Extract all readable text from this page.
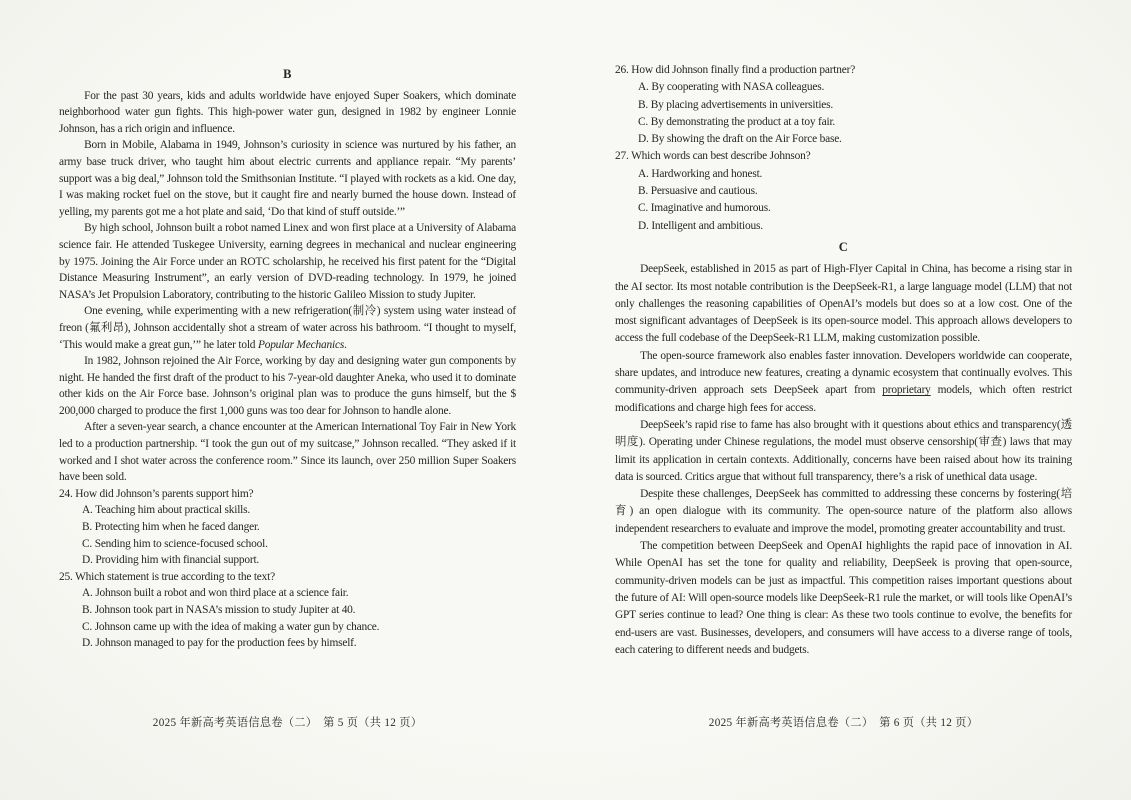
B

For the past 30 years, kids and adults worldwide have enjoyed Super Soakers, which dominate neighborhood water gun fights. This high-power water gun, designed in 1982 by engineer Lonnie Johnson, has a rich origin and influence.

Born in Mobile, Alabama in 1949, Johnson’s curiosity in science was nurtured by his father, an army base truck driver, who taught him about electric currents and appliance repair. “My parents’ support was a big deal,” Johnson told the Smithsonian Institute. “I played with rockets as a kid. One day, I was making rocket fuel on the stove, but it caught fire and nearly burned the house down. Instead of yelling, my parents got me a hot plate and said, ‘Do that kind of stuff outside.’”

By high school, Johnson built a robot named Linex and won first place at a University of Alabama science fair. He attended Tuskegee University, earning degrees in mechanical and nuclear engineering by 1975. Joining the Air Force under an ROTC scholarship, he received his first patent for the “Digital Distance Measuring Instrument”, an early version of DVD-reading technology. In 1979, he joined NASA’s Jet Propulsion Laboratory, contributing to the historic Galileo Mission to study Jupiter.

One evening, while experimenting with a new refrigeration(制冷) system using water instead of freon (氟利昂), Johnson accidentally shot a stream of water across his bathroom. “I thought to myself, ‘This would make a great gun,’” he later told Popular Mechanics.

In 1982, Johnson rejoined the Air Force, working by day and designing water gun components by night. He handed the first draft of the product to his 7-year-old daughter Aneka, who used it to dominate other kids on the Air Force base. Johnson’s original plan was to produce the guns himself, but the $ 200,000 charged to produce the first 1,000 guns was too dear for Johnson to handle alone.

After a seven-year search, a chance encounter at the American International Toy Fair in New York led to a production partnership. “I took the gun out of my suitcase,” Johnson recalled. “They asked if it worked and I shot water across the conference room.” Since its launch, over 250 million Super Soakers have been sold.

24. How did Johnson’s parents support him?
A. Teaching him about practical skills.
B. Protecting him when he faced danger.
C. Sending him to science-focused school.
D. Providing him with financial support.
25. Which statement is true according to the text?
A. Johnson built a robot and won third place at a science fair.
B. Johnson took part in NASA’s mission to study Jupiter at 40.
C. Johnson came up with the idea of making a water gun by chance.
D. Johnson managed to pay for the production fees by himself.
2025 年新高考英语信息卷（二）　第 5 页（共 12 页）
26. How did Johnson finally find a production partner?
A. By cooperating with NASA colleagues.
B. By placing advertisements in universities.
C. By demonstrating the product at a toy fair.
D. By showing the draft on the Air Force base.
27. Which words can best describe Johnson?
A. Hardworking and honest.
B. Persuasive and cautious.
C. Imaginative and humorous.
D. Intelligent and ambitious.
C

DeepSeek, established in 2015 as part of High-Flyer Capital in China, has become a rising star in the AI sector. Its most notable contribution is the DeepSeek-R1, a large language model (LLM) that not only challenges the reasoning capabilities of OpenAI’s models but does so at a low cost. One of the most significant advantages of DeepSeek is its open-source model. This approach allows developers to access the full codebase of the DeepSeek-R1 LLM, making customization possible.

The open-source framework also enables faster innovation. Developers worldwide can cooperate, share updates, and introduce new features, creating a dynamic ecosystem that continually evolves. This community-driven approach sets DeepSeek apart from proprietary models, which often restrict modifications and charge high fees for access.

DeepSeek’s rapid rise to fame has also brought with it questions about ethics and transparency(透明度). Operating under Chinese regulations, the model must observe censorship(审查) laws that may limit its application in certain contexts. Additionally, concerns have been raised about how its training data is sourced. Critics argue that without full transparency, there’s a risk of unethical data usage.

Despite these challenges, DeepSeek has committed to addressing these concerns by fostering(培育) an open dialogue with its community. The open-source nature of the platform also allows independent researchers to evaluate and improve the model, promoting greater accountability and trust.

The competition between DeepSeek and OpenAI highlights the rapid pace of innovation in AI. While OpenAI has set the tone for quality and reliability, DeepSeek is proving that open-source, community-driven models can be just as impactful. This competition raises important questions about the future of AI: Will open-source models like DeepSeek-R1 rule the market, or will tools like OpenAI’s GPT series continue to lead? One thing is clear: As these two tools continue to evolve, the benefits for end-users are vast. Businesses, developers, and consumers will have access to a diverse range of tools, each catering to different needs and budgets.

2025 年新高考英语信息卷（二）　第 6 页（共 12 页）
